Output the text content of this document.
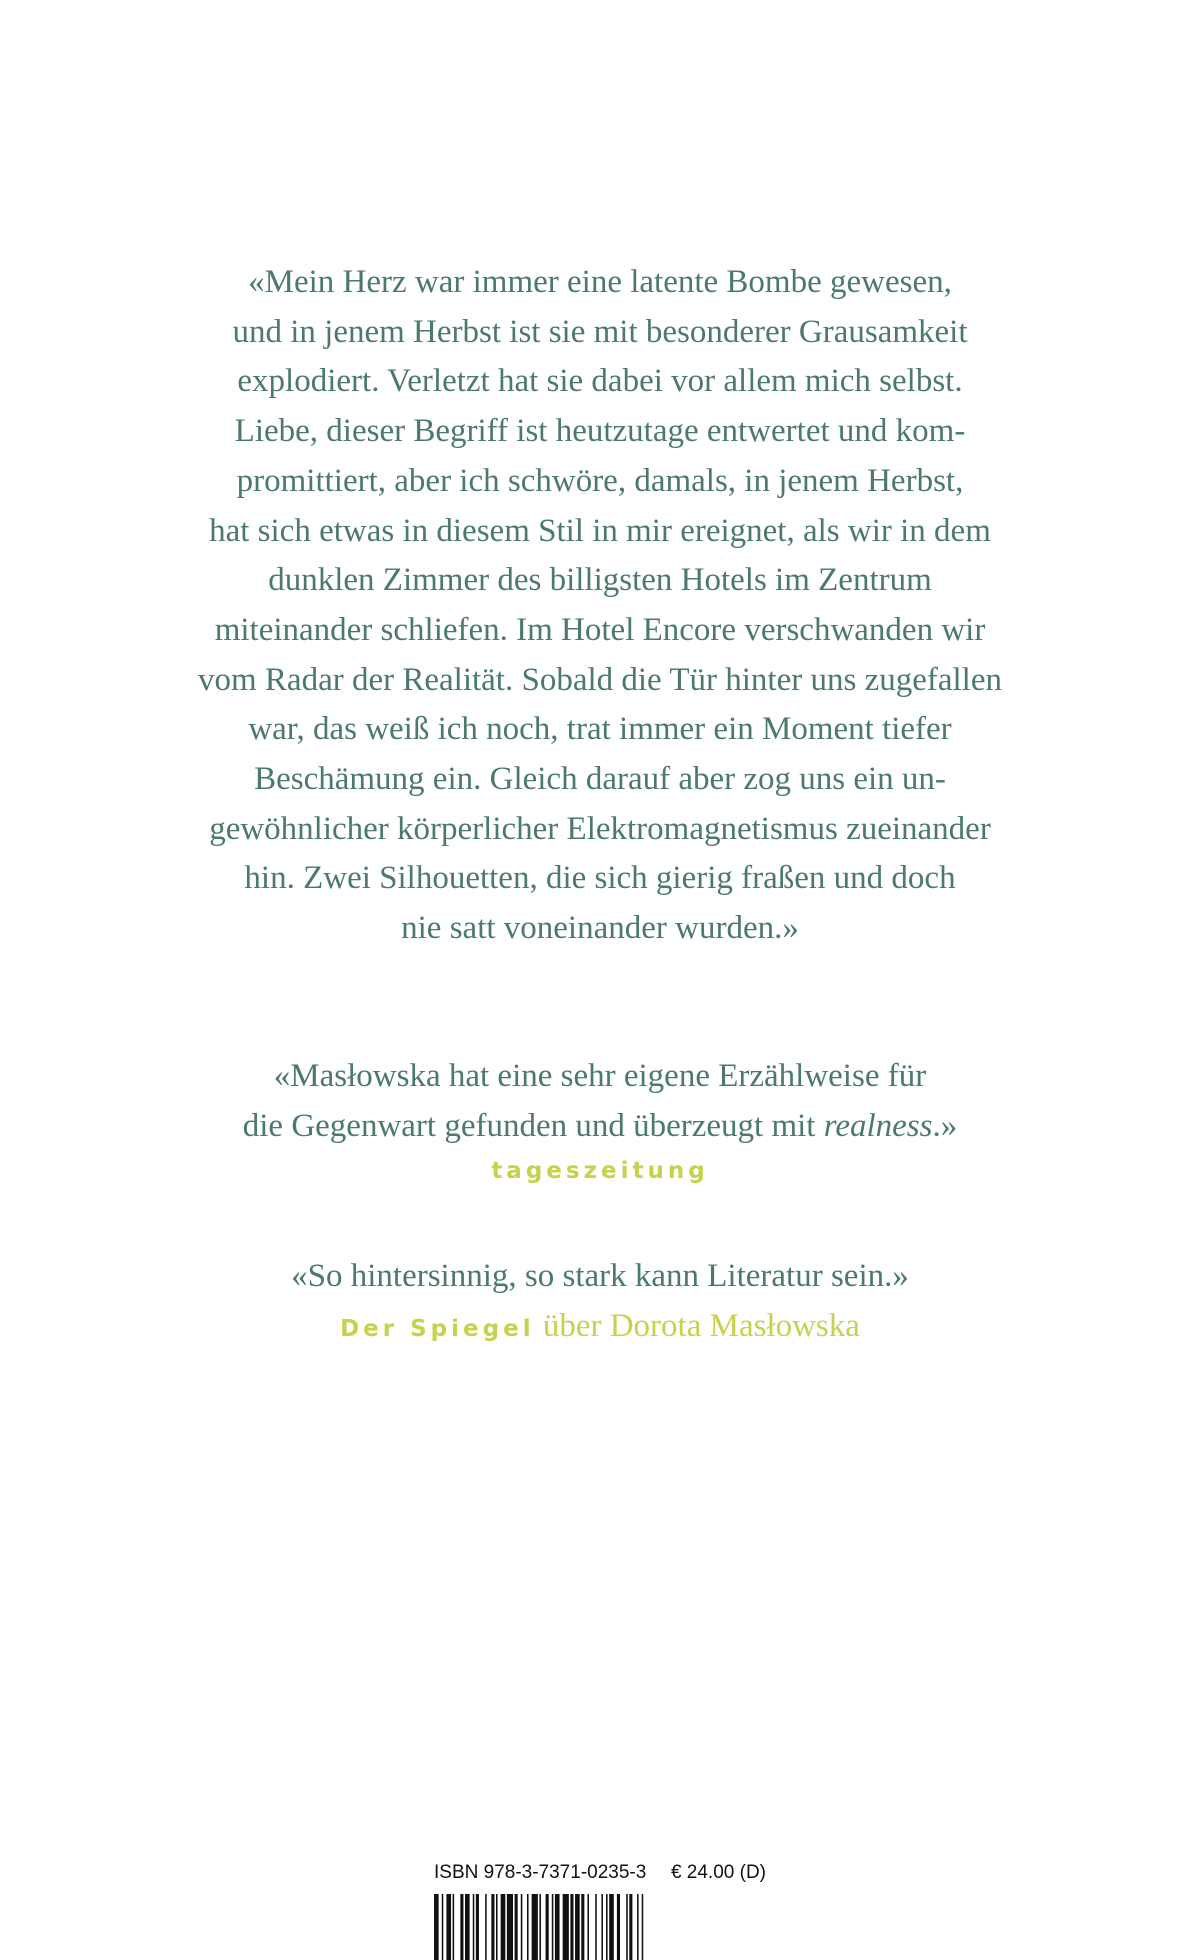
«Mein Herz war immer eine latente Bombe gewesen,
und in jenem Herbst ist sie mit besonderer Grausamkeit
explodiert. Verletzt hat sie dabei vor allem mich selbst.
Liebe, dieser Begriff ist heutzutage entwertet und kom-
promittiert, aber ich schwöre, damals, in jenem Herbst,
hat sich etwas in diesem Stil in mir ereignet, als wir in dem
dunklen Zimmer des billigsten Hotels im Zentrum
miteinander schliefen. Im Hotel Encore verschwanden wir
vom Radar der Realität. Sobald die Tür hinter uns zugefallen
war, das weiß ich noch, trat immer ein Moment tiefer
Beschämung ein. Gleich darauf aber zog uns ein un-
gewöhnlicher körperlicher Elektromagnetismus zueinander
hin. Zwei Silhouetten, die sich gierig fraßen und doch
nie satt voneinander wurden.»
«Masłowska hat eine sehr eigene Erzählweise für
die Gegenwart gefunden und überzeugt mit realness.»
tageszeitung
«So hintersinnig, so stark kann Literatur sein.»
Der Spiegel über Dorota Masłowska
ISBN 978-3-7371-0235-3 € 24.00 (D)
